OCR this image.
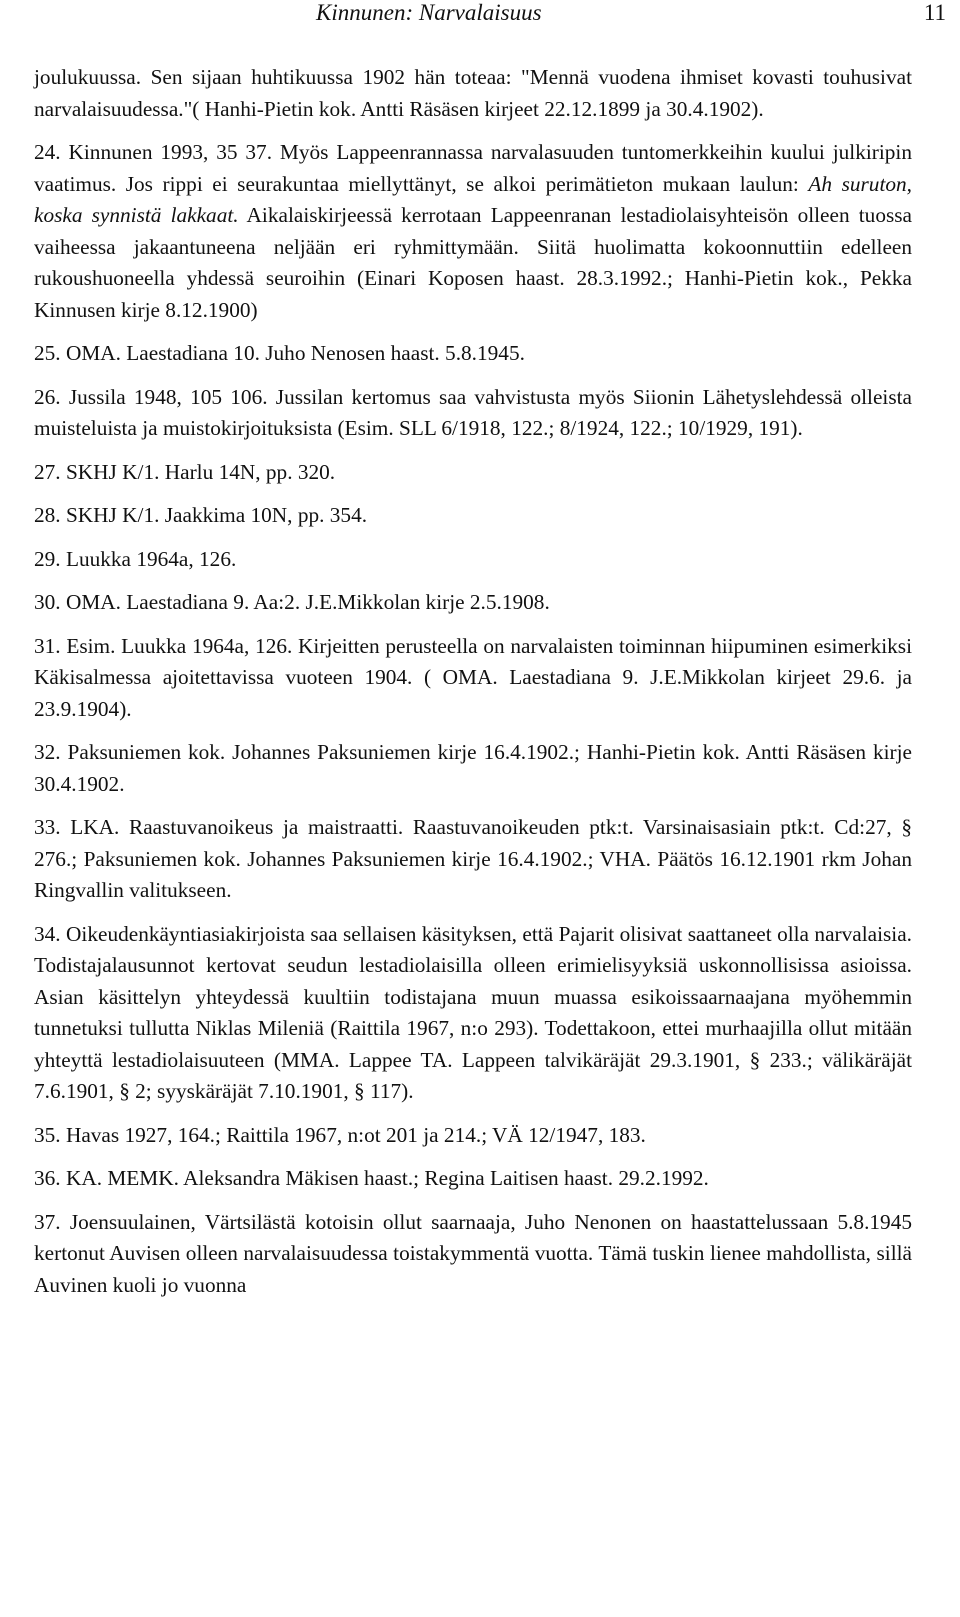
Kinnunen: Narvalaisuus	11

joulukuussa. Sen sijaan huhtikuussa 1902 hän toteaa: "Mennä vuodena ihmiset kovasti touhusivat narvalaisuudessa."( Hanhi-Pietin kok. Antti Räsäsen kirjeet 22.12.1899 ja 30.4.1902).

24. Kinnunen 1993, 35 37. Myös Lappeenrannassa narvalasuuden tuntomerkkeihin kuului julkiripin vaatimus. Jos rippi ei seurakuntaa miellyttänyt, se alkoi perimätieton mukaan laulun: Ah suruton, koska synnistä lakkaat. Aikalaiskirjeessä kerrotaan Lappeenranan lestadiolaisyhteisön olleen tuossa vaiheessa jakaantuneena neljään eri ryhmittymään. Siitä huolimatta kokoonnuttiin edelleen rukoushuoneella yhdessä seuroihin (Einari Koposen haast. 28.3.1992.; Hanhi-Pietin kok., Pekka Kinnusen kirje 8.12.1900)

25. OMA. Laestadiana 10. Juho Nenosen haast. 5.8.1945.

26. Jussila 1948, 105 106. Jussilan kertomus saa vahvistusta myös Siionin Lähetyslehdessä olleista muisteluista ja muistokirjoituksista (Esim. SLL 6/1918, 122.; 8/1924, 122.; 10/1929, 191).

27. SKHJ K/1. Harlu 14N, pp. 320.

28. SKHJ K/1. Jaakkima 10N, pp. 354.

29. Luukka 1964a, 126.

30. OMA. Laestadiana 9. Aa:2. J.E.Mikkolan kirje 2.5.1908.

31. Esim. Luukka 1964a, 126. Kirjeitten perusteella on narvalaisten toiminnan hiipuminen esimerkiksi Käkisalmessa ajoitettavissa vuoteen 1904. ( OMA. Laestadiana 9. J.E.Mikkolan kirjeet 29.6. ja 23.9.1904).

32. Paksuniemen kok. Johannes Paksuniemen kirje 16.4.1902.; Hanhi-Pietin kok. Antti Räsäsen kirje 30.4.1902.

33. LKA. Raastuvanoikeus ja maistraatti. Raastuvanoikeuden ptk:t. Varsinaisasiain ptk:t. Cd:27, § 276.; Paksuniemen kok. Johannes Paksuniemen kirje 16.4.1902.; VHA. Päätös 16.12.1901 rkm Johan Ringvallin valitukseen.

34. Oikeudenkäyntiasiakirjoista saa sellaisen käsityksen, että Pajarit olisivat saattaneet olla narvalaisia. Todistajalausunnot kertovat seudun lestadiolaisilla olleen erimielisyyksiä uskonnollisissa asioissa. Asian käsittelyn yhteydessä kuultiin todistajana muun muassa esikoissaarnaajana myöhemmin tunnetuksi tullutta Niklas Mileniä (Raittila 1967, n:o 293). Todettakoon, ettei murhaajilla ollut mitään yhteyttä lestadiolaisuuteen (MMA. Lappee TA. Lappeen talvikäräjät 29.3.1901, § 233.; välikäräjät 7.6.1901, § 2; syyskäräjät 7.10.1901, § 117).

35. Havas 1927, 164.; Raittila 1967, n:ot 201 ja 214.; VÄ 12/1947, 183.

36. KA. MEMK. Aleksandra Mäkisen haast.; Regina Laitisen haast. 29.2.1992.

37. Joensuulainen, Värtsilästä kotoisin ollut saarnaaja, Juho Nenonen on haastattelussaan 5.8.1945 kertonut Auvisen olleen narvalaisuudessa toistakymmentä vuotta. Tämä tuskin lienee mahdollista, sillä Auvinen kuoli jo vuonna
